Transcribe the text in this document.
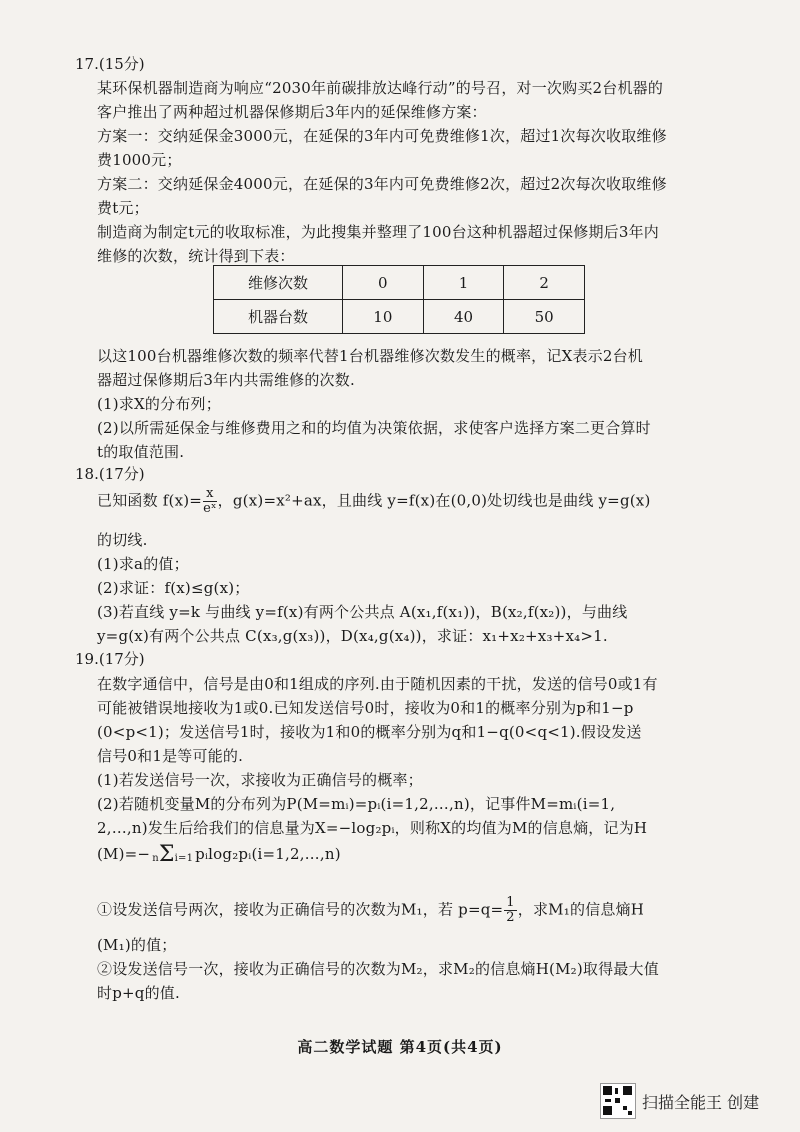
17.(15分)
某环保机器制造商为响应“2030年前碳排放达峰行动”的号召，对一次购买2台机器的
客户推出了两种超过机器保修期后3年内的延保维修方案：
方案一：交纳延保金3000元，在延保的3年内可免费维修1次，超过1次每次收取维修
费1000元；
方案二：交纳延保金4000元，在延保的3年内可免费维修2次，超过2次每次收取维修
费t元；
制造商为制定t元的收取标准，为此搜集并整理了100台这种机器超过保修期后3年内
维修的次数，统计得到下表：
维修次数	0	1	2
机器台数	10	40	50
以这100台机器维修次数的频率代替1台机器维修次数发生的概率，记X表示2台机
器超过保修期后3年内共需维修的次数.
(1)求X的分布列；
(2)以所需延保金与维修费用之和的均值为决策依据，求使客户选择方案二更合算时
t的取值范围.
18.(17分)
已知函数 $f(x)= \frac{x}{\text{eˣ}}$ ，g(x)=x²+ax，且曲线 y=f(x)在(0,0)处切线也是曲线 y=g(x)
的切线.
(1)求a的值；
(2)求证：f(x)≤g(x)；
(3)若直线 y=k 与曲线 y=f(x)有两个公共点 A(x₁,f(x₁))，B(x₂,f(x₂))，与曲线
y=g(x)有两个公共点 C(x₃,g(x₃))，D(x₄,g(x₄))，求证：x₁+x₂+x₃+x₄>1.
19.(17分)
在数字通信中，信号是由0和1组成的序列.由于随机因素的干扰，发送的信号0或1有
可能被错误地接收为1或0.已知发送信号0时，接收为0和1的概率分别为p和1−p
(0<p<1)；发送信号1时，接收为1和0的概率分别为q和1−q(0<q<1).假设发送
信号0和1是等可能的.
(1)若发送信号一次，求接收为正确信号的概率；
(2)若随机变量M的分布列为P(M=mᵢ)=pᵢ(i=1,2,…,n)，记事件M=mᵢ(i=1,
2,…,n)发生后给我们的信息量为X=−log₂pᵢ，则称X的均值为M的信息熵，记为H
(M)=− nΣi=1 pᵢlog₂pᵢ(i=1,2,…,n)
①设发送信号两次，接收为正确信号的次数为M₁，若 $p=q= \frac{1}{2}$ ，求M₁的信息熵H
(M₁)的值；
②设发送信号一次，接收为正确信号的次数为M₂，求M₂的信息熵H(M₂)取得最大值
时p+q的值.
高二数学试题 第4页(共4页)
扫描全能王 创建
